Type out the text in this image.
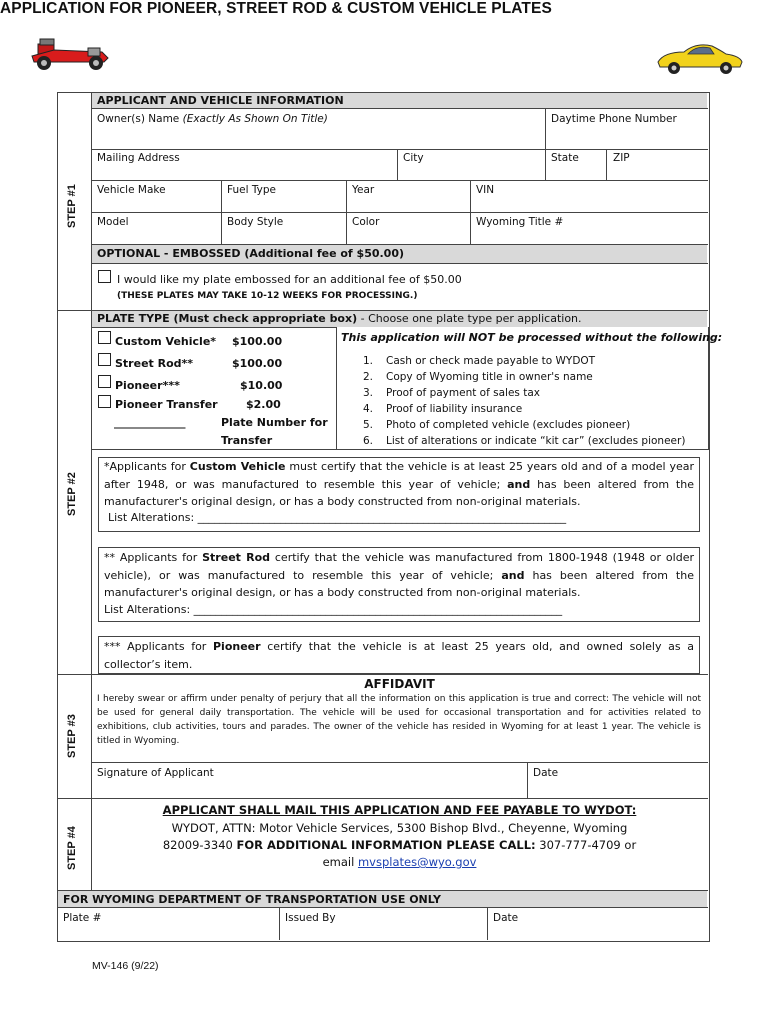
APPLICATION FOR PIONEER, STREET ROD & CUSTOM VEHICLE PLATES
STEP #1
STEP #2
STEP #3
STEP #4
APPLICANT AND VEHICLE INFORMATION
Owner(s) Name (Exactly As Shown On Title)	Daytime Phone Number
Mailing Address	City	State	ZIP
Vehicle Make	Fuel Type	Year	VIN
Model	Body Style	Color	Wyoming Title #
OPTIONAL - EMBOSSED (Additional fee of $50.00)
I would like my plate embossed for an additional fee of $50.00
(THESE PLATES MAY TAKE 10-12 WEEKS FOR PROCESSING.)
PLATE TYPE (Must check appropriate box) - Choose one plate type per application.
Custom Vehicle* $100.00
Street Rod**	$100.00
Pioneer***	$10.00
Pioneer Transfer	$2.00
_____________	Plate Number for
Transfer
This application will NOT be processed without the following:
1. Cash or check made payable to WYDOT
2. Copy of Wyoming title in owner's name
3. Proof of payment of sales tax
4. Proof of liability insurance
5. Photo of completed vehicle (excludes pioneer)
6. List of alterations or indicate “kit car” (excludes pioneer)
*Applicants for Custom Vehicle must certify that the vehicle is at least 25 years old and of a model year after 1948, or was manufactured to resemble this year of vehicle; and has been altered from the manufacturer's original design, or has a body constructed from non-original materials.
List Alterations: ___________________________________________________________________
** Applicants for Street Rod certify that the vehicle was manufactured from 1800-1948 (1948 or older vehicle), or was manufactured to resemble this year of vehicle; and has been altered from the manufacturer's original design, or has a body constructed from non-original materials.
List Alterations: ___________________________________________________________________
*** Applicants for Pioneer certify that the vehicle is at least 25 years old, and owned solely as a collector’s item.
AFFIDAVIT
I hereby swear or affirm under penalty of perjury that all the information on this application is true and correct: The vehicle will not be used for general daily transportation. The vehicle will be used for occasional transportation and for activities related to exhibitions, club activities, tours and parades. The owner of the vehicle has resided in Wyoming for at least 1 year. The vehicle is titled in Wyoming.
Signature of Applicant	Date
APPLICANT SHALL MAIL THIS APPLICATION AND FEE PAYABLE TO WYDOT:
WYDOT, ATTN: Motor Vehicle Services, 5300 Bishop Blvd., Cheyenne, Wyoming
82009-3340 FOR ADDITIONAL INFORMATION PLEASE CALL: 307-777-4709 or
email mvsplates@wyo.gov
FOR WYOMING DEPARTMENT OF TRANSPORTATION USE ONLY
Plate #	Issued By	Date
MV-146 (9/22)
